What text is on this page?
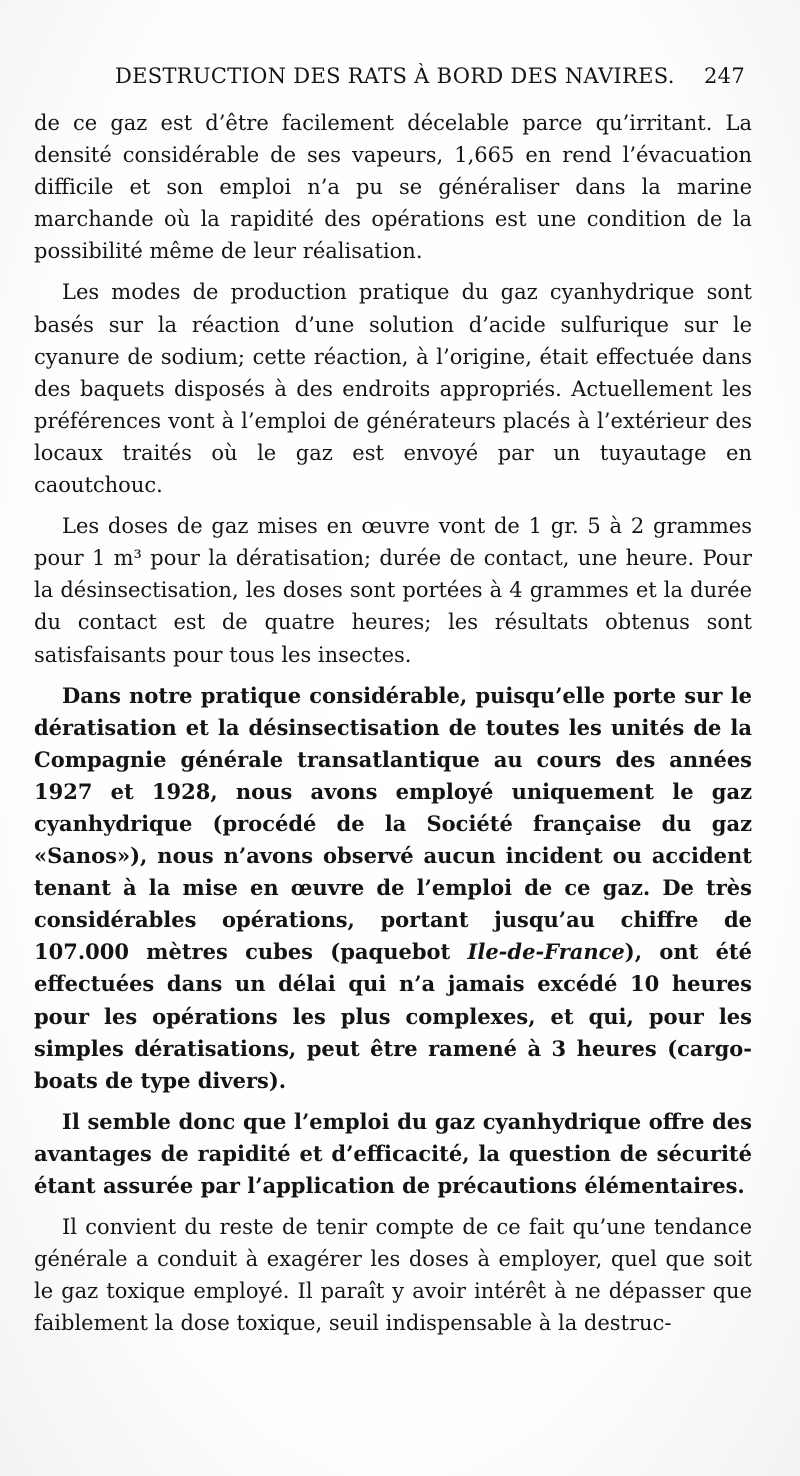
DESTRUCTION DES RATS À BORD DES NAVIRES. 247

de ce gaz est d’être facilement décelable parce qu’irritant. La densité considérable de ses vapeurs, 1,665 en rend l’évacuation difficile et son emploi n’a pu se généraliser dans la marine marchande où la rapidité des opérations est une condition de la possibilité même de leur réalisation.

Les modes de production pratique du gaz cyanhydrique sont basés sur la réaction d’une solution d’acide sulfurique sur le cyanure de sodium; cette réaction, à l’origine, était effectuée dans des baquets disposés à des endroits appropriés. Actuellement les préférences vont à l’emploi de générateurs placés à l’extérieur des locaux traités où le gaz est envoyé par un tuyautage en caoutchouc.

Les doses de gaz mises en œuvre vont de 1 gr. 5 à 2 grammes pour 1 m³ pour la dératisation; durée de contact, une heure. Pour la désinsectisation, les doses sont portées à 4 grammes et la durée du contact est de quatre heures; les résultats obtenus sont satisfaisants pour tous les insectes.

Dans notre pratique considérable, puisqu’elle porte sur le dératisation et la désinsectisation de toutes les unités de la Compagnie générale transatlantique au cours des années 1927 et 1928, nous avons employé uniquement le gaz cyanhydrique (procédé de la Société française du gaz «Sanos»), nous n’avons observé aucun incident ou accident tenant à la mise en œuvre de l’emploi de ce gaz. De très considérables opérations, portant jusqu’au chiffre de 107.000 mètres cubes (paquebot Ile-de-France), ont été effectuées dans un délai qui n’a jamais excédé 10 heures pour les opérations les plus complexes, et qui, pour les simples dératisations, peut être ramené à 3 heures (cargo-boats de type divers).

Il semble donc que l’emploi du gaz cyanhydrique offre des avantages de rapidité et d’efficacité, la question de sécurité étant assurée par l’application de précautions élémentaires.

Il convient du reste de tenir compte de ce fait qu’une tendance générale a conduit à exagérer les doses à employer, quel que soit le gaz toxique employé. Il paraît y avoir intérêt à ne dépasser que faiblement la dose toxique, seuil indispensable à la destruc-
